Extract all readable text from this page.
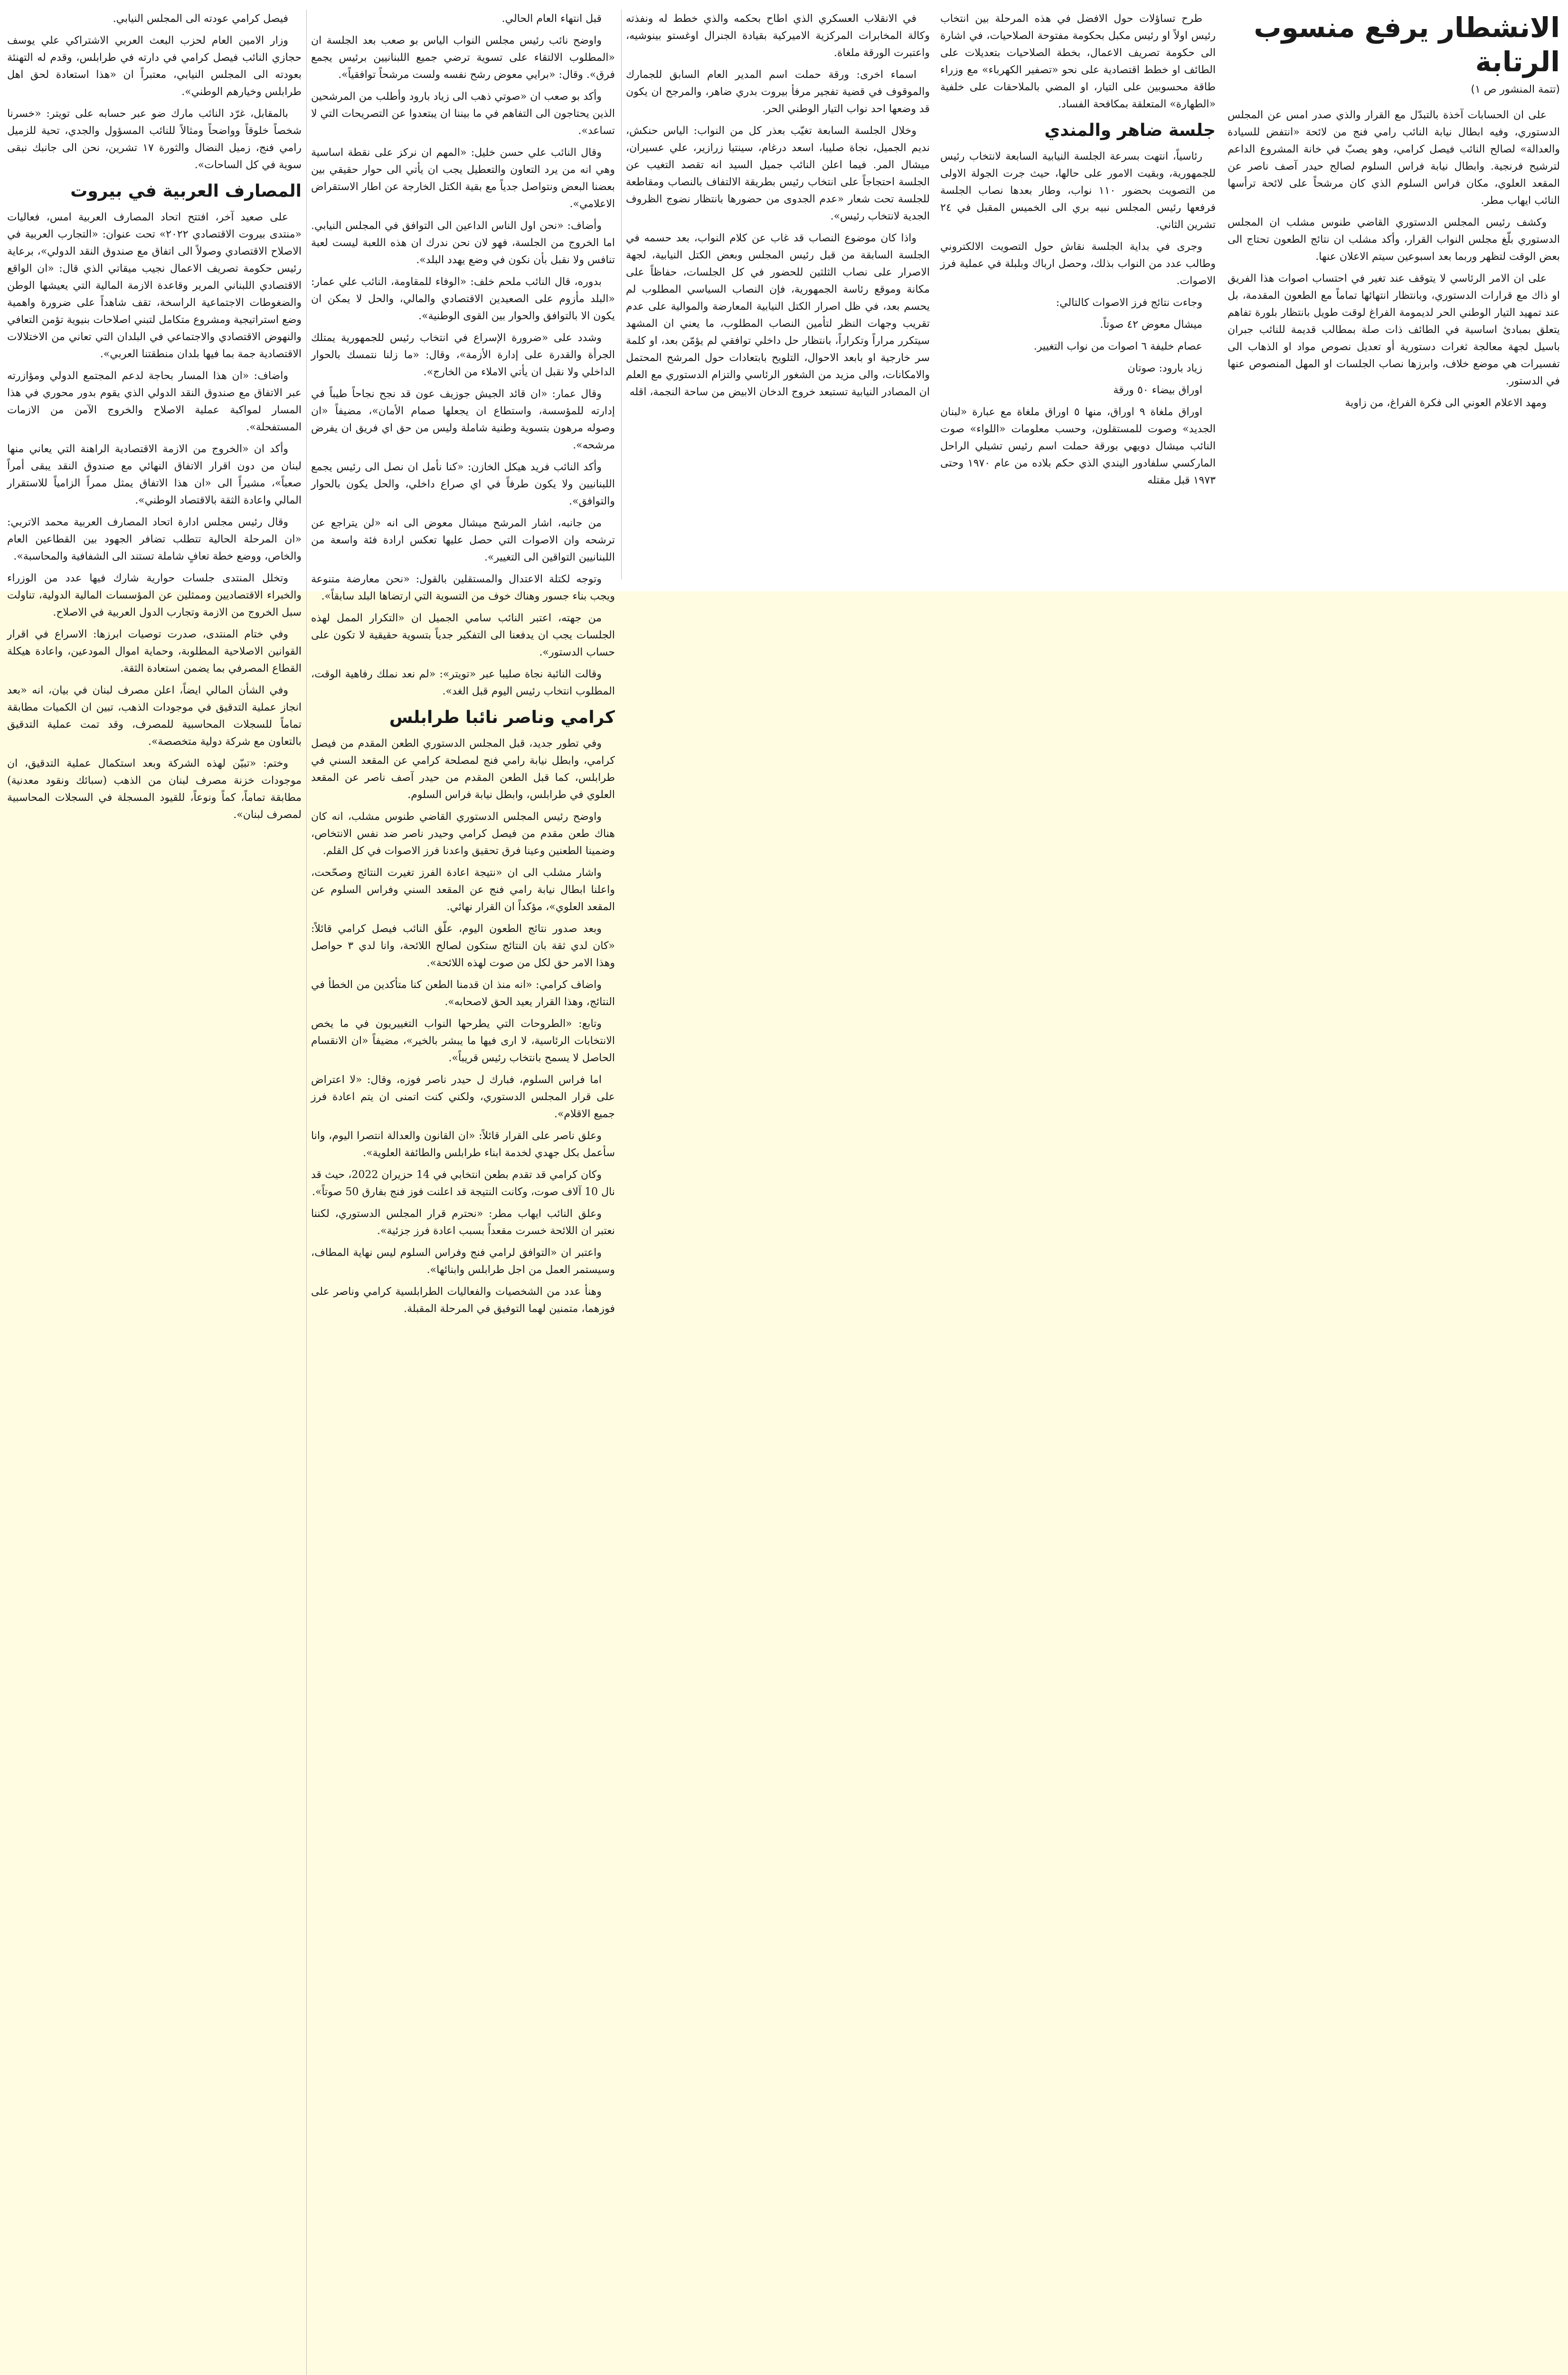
الانشطار يرفع منسوب الرتابة
(تتمة المنشور ص ١)

على ان الحسابات آخذة بالتبدّل مع القرار والذي صدر امس عن المجلس الدستوري، وفيه ابطال نيابة النائب رامي فنج من لائحة «انتفض للسيادة والعدالة» لصالح النائب فيصل كرامي، وهو يصبّ في خانة المشروع الداعم لترشيح فرنجية. وابطال نيابة فراس السلوم لصالح حيدر آصف ناصر عن المقعد العلوي، مكان فراس السلوم الذي كان مرشحاً على لائحة ترأسها النائب ايهاب مطر.

وكشف رئيس المجلس الدستوري القاضي طنوس مشلب ان المجلس الدستوري بلّغ مجلس النواب القرار، وأكد مشلب ان نتائج الطعون تحتاج الى بعض الوقت لتظهر وربما بعد اسبوعين سيتم الاعلان عنها.

على ان الامر الرئاسي لا يتوقف عند تغير في احتساب اصوات هذا الفريق او ذاك مع قرارات الدستوري، وبانتظار انتهائها تماماً مع الطعون المقدمة، بل عند تمهيد التيار الوطني الحر لديمومة الفراغ لوقت طويل بانتظار بلورة تفاهم يتعلق بمبادئ اساسية في الطائف ذات صلة بمطالب قديمة للنائب جبران باسيل لجهة معالجة ثغرات دستورية أو تعديل نصوص مواد او الذهاب الى تفسيرات هي موضع خلاف، وابرزها نصاب الجلسات او المهل المنصوص عنها في الدستور.

ومهد الاعلام العوني الى فكرة الفراغ، من زاوية

طرح تساؤلات حول الافضل في هذه المرحلة بين انتخاب رئيس اولاً او رئيس مكبل بحكومة مفتوحة الصلاحيات، في اشارة الى حكومة تصريف الاعمال، بخطة الصلاحيات بتعديلات على الطائف او خطط اقتصادية على نحو «تصفير الكهرباء» مع وزراء طاقة محسوبين على التيار، او المضي بالملاحقات على خلفية «الطهارة» المتعلقة بمكافحة الفساد.

جلسة ضاهر والمندي

رئاسياً، انتهت بسرعة الجلسة النيابية السابعة لانتخاب رئيس للجمهورية، وبقيت الامور على حالها، حيث جرت الجولة الاولى من التصويت بحضور ١١٠ نواب، وطار بعدها نصاب الجلسة فرفعها رئيس المجلس نبيه بري الى الخميس المقبل في ٢٤ تشرين الثاني.

وجرى في بداية الجلسة نقاش حول التصويت الالكتروني وطالب عدد من النواب بذلك، وحصل ارباك وبلبلة في عملية فرز الاصوات.

وجاءت نتائج فرز الاصوات كالتالي:

ميشال معوض ٤٢ صوتاً.

عصام خليفة ٦ اصوات من نواب التغيير.

زياد بارود: صوتان

اوراق بيضاء ٥٠ ورقة

اوراق ملغاة ٩ اوراق، منها ٥ اوراق ملغاة مع عبارة «لبنان الجديد» وصوت للمستقلون، وحسب معلومات «اللواء» صوت النائب ميشال دويهي بورقة حملت اسم رئيس تشيلي الراحل الماركسي سلفادور اليندي الذي حكم بلاده من عام ١٩٧٠ وحتى ١٩٧٣ قبل مقتله

في الانقلاب العسكري الذي اطاح بحكمه والذي خطط له ونفذته وكالة المخابرات المركزية الاميركية بقيادة الجنرال اوغستو بينوشيه، واعتبرت الورقة ملغاة.

اسماء اخرى: ورقة حملت اسم المدير العام السابق للجمارك والموقوف في قضية تفجير مرفأ بيروت بدري ضاهر، والمرجح ان يكون قد وضعها احد نواب التيار الوطني الحر.

وخلال الجلسة السابعة تغيّب بعذر كل من النواب: الياس حنكش، نديم الجميل، نجاة صليبا، اسعد درغام، سينتيا زرازير، علي عسيران، ميشال المر. فيما اعلن النائب جميل السيد انه تقصد التغيب عن الجلسة احتجاجاً على انتخاب رئيس بطريقة الالتفاف بالنصاب ومقاطعة للجلسة تحت شعار «عدم الجدوى من حضورها بانتظار نضوج الظروف الجدية لانتخاب رئيس».

واذا كان موضوع النصاب قد غاب عن كلام النواب، بعد حسمه في الجلسة السابقة من قبل رئيس المجلس وبعض الكتل النيابية، لجهة الاصرار على نصاب الثلثين للحضور في كل الجلسات، حفاظاً على مكانة وموقع رئاسة الجمهورية، فإن النصاب السياسي المطلوب لم يحسم بعد، في ظل اصرار الكتل النيابية المعارضة والموالية على عدم تقريب وجهات النظر لتأمين النصاب المطلوب، ما يعني ان المشهد سيتكرر مراراً وتكراراً، بانتظار حل داخلي توافقي لم يؤمّن بعد، او كلمة سر خارجية او بابعد الاحوال، التلويح بابتعادات حول المرشح المحتمل والامكانات، والى مزيد من الشغور الرئاسي والتزام الدستوري مع العلم ان المصادر النيابية تستبعد خروج الدخان الابيض من ساحة النجمة، اقله

قبل انتهاء العام الحالي.

واوضح نائب رئيس مجلس النواب الياس بو صعب بعد الجلسة ان «المطلوب الالتقاء على تسوية ترضي جميع اللبنانيين برئيس يجمع فرق». وقال: «برايي معوض رشح نفسه ولست مرشحاً توافقياً».

وأكد بو صعب ان «صوتي ذهب الى زياد بارود وأطلب من المرشحين الذين يحتاجون الى التفاهم في ما بيننا ان يبتعدوا عن التصريحات التي لا تساعد».

وقال النائب علي حسن خليل: «المهم ان نركز على نقطة اساسية وهي انه من يرد التعاون والتعطيل يجب ان يأتي الى حوار حقيقي بين بعضنا البعض ونتواصل جدياً مع بقية الكتل الخارجة عن اطار الاستقراض الاعلامي».

وأضاف: «نحن اول الناس الداعين الى التوافق في المجلس النيابي. اما الخروج من الجلسة، فهو لان نحن ندرك ان هذه اللعبة ليست لعبة تنافس ولا نقبل بأن نكون في وضع يهدد البلد».

بدوره، قال النائب ملحم خلف: «الوفاء للمقاومة، النائب علي عمار: «البلد مأزوم على الصعيدين الاقتصادي والمالي، والحل لا يمكن ان يكون الا بالتوافق والحوار بين القوى الوطنية».

وشدد على «ضرورة الإسراع في انتخاب رئيس للجمهورية يمتلك الجرأة والقدرة على إدارة الأزمة»، وقال: «ما زلنا نتمسك بالحوار الداخلي ولا نقبل ان يأتي الاملاء من الخارج».

وقال عمار: «ان قائد الجيش جوزيف عون قد نجح نجاحاً طيباً في إدارته للمؤسسة، واستطاع ان يجعلها صمام الأمان»، مضيفاً «ان وصوله مرهون بتسوية وطنية شاملة وليس من حق اي فريق ان يفرض مرشحه».

وأكد النائب فريد هيكل الخازن: «كنا نأمل ان نصل الى رئيس يجمع اللبنانيين ولا يكون طرفاً في اي صراع داخلي، والحل يكون بالحوار والتوافق».

من جانبه، اشار المرشح ميشال معوض الى انه «لن يتراجع عن ترشحه وان الاصوات التي حصل عليها تعكس ارادة فئة واسعة من اللبنانيين التواقين الى التغيير».

وتوجه لكتلة الاعتدال والمستقلين بالقول: «نحن معارضة متنوعة ويجب بناء جسور وهناك خوف من التسوية التي ارتضاها البلد سابقاً».

من جهته، اعتبر النائب سامي الجميل ان «التكرار الممل لهذه الجلسات يجب ان يدفعنا الى التفكير جدياً بتسوية حقيقية لا تكون على حساب الدستور».

وقالت النائبة نجاة صليبا عبر «تويتر»: «لم نعد نملك رفاهية الوقت، المطلوب انتخاب رئيس اليوم قبل الغد».

كرامي وناصر نائبا طرابلس

وفي تطور جديد، قبل المجلس الدستوري الطعن المقدم من فيصل كرامي، وابطل نيابة رامي فنج لمصلحة كرامي عن المقعد السني في طرابلس، كما قبل الطعن المقدم من حيدر آصف ناصر عن المقعد العلوي في طرابلس، وابطل نيابة فراس السلوم.

واوضح رئيس المجلس الدستوري القاضي طنوس مشلب، انه كان هناك طعن مقدم من فيصل كرامي وحيدر ناصر ضد نفس الانتخاص، وضمينا الطعنين وعينا فرق تحقيق واعدنا فرز الاصوات في كل القلم.

واشار مشلب الى ان «نتيجة اعادة الفرز تغيرت النتائج وصحّحت، واعلنا ابطال نيابة رامي فنج عن المقعد السني وفراس السلوم عن المقعد العلوي»، مؤكداً ان القرار نهائي.

وبعد صدور نتائج الطعون اليوم، علّق النائب فيصل كرامي قائلاً: «كان لدي ثقة بان النتائج ستكون لصالح اللائحة، وانا لدي ٣ حواصل وهذا الامر حق لكل من صوت لهذه اللائحة».

واضاف كرامي: «انه منذ ان قدمنا الطعن كنا متأكدين من الخطأ في النتائج، وهذا القرار يعيد الحق لاصحابه».

وتابع: «الطروحات التي يطرحها النواب التغييريون في ما يخص الانتخابات الرئاسية، لا ارى فيها ما يبشر بالخير»، مضيفاً «ان الانقسام الحاصل لا يسمح بانتخاب رئيس قريباً».

اما فراس السلوم، فبارك ل حيدر ناصر فوزه، وقال: «لا اعتراض على قرار المجلس الدستوري، ولكني كنت اتمنى ان يتم اعادة فرز جميع الاقلام».

وعلق ناصر على القرار قائلاً: «ان القانون والعدالة انتصرا اليوم، وانا سأعمل بكل جهدي لخدمة ابناء طرابلس والطائفة العلوية».

وكان كرامي قد تقدم بطعن انتخابي في 14 حزيران 2022، حيث قد نال 10 آلاف صوت، وكانت النتيجة قد اعلنت فوز فنج بفارق 50 صوتاً».

وعلق النائب ايهاب مطر: «نحترم قرار المجلس الدستوري، لكننا نعتبر ان اللائحة خسرت مقعداً بسبب اعادة فرز جزئية».

واعتبر ان «التوافق لرامي فنج وفراس السلوم ليس نهاية المطاف، وسيستمر العمل من اجل طرابلس وابنائها».

وهنأ عدد من الشخصيات والفعاليات الطرابلسية كرامي وناصر على فوزهما، متمنين لهما التوفيق في المرحلة المقبلة.

فيصل كرامي عودته الى المجلس النيابي.

وزار الامين العام لحزب البعث العربي الاشتراكي علي يوسف حجازي النائب فيصل كرامي في دارته في طرابلس، وقدم له التهنئة بعودته الى المجلس النيابي، معتبراً ان «هذا استعادة لحق اهل طرابلس وخيارهم الوطني».

بالمقابل، غرّد النائب مارك ضو عبر حسابه على تويتر: «خسرنا شخصاً خلوقاً وواضحاً ومثالاً للنائب المسؤول والجدي، تحية للزميل رامي فنج، زميل النضال والثورة ١٧ تشرين، نحن الى جانبك نبقى سوية في كل الساحات».

المصارف العربية في بيروت

على صعيد آخر، افتتح اتحاد المصارف العربية امس، فعاليات «منتدى بيروت الاقتصادي ٢٠٢٢» تحت عنوان: «التجارب العربية في الاصلاح الاقتصادي وصولاً الى اتفاق مع صندوق النقد الدولي»، برعاية رئيس حكومة تصريف الاعمال نجيب ميقاتي الذي قال: «ان الواقع الاقتصادي اللبناني المرير وقاعدة الازمة المالية التي يعيشها الوطن والضغوطات الاجتماعية الراسخة، تقف شاهداً على ضرورة واهمية وضع استراتيجية ومشروع متكامل لتبني اصلاحات بنيوية تؤمن التعافي والنهوض الاقتصادي والاجتماعي في البلدان التي تعاني من الاختلالات الاقتصادية جمة بما فيها بلدان منطقتنا العربي».

واضاف: «ان هذا المسار بحاجة لدعم المجتمع الدولي ومؤازرته عبر الاتفاق مع صندوق النقد الدولي الذي يقوم بدور محوري في هذا المسار لمواكبة عملية الاصلاح والخروج الآمن من الازمات المستفحلة».

وأكد ان «الخروج من الازمة الاقتصادية الراهنة التي يعاني منها لبنان من دون اقرار الاتفاق النهائي مع صندوق النقد يبقى أمراً صعباً»، مشيراً الى «ان هذا الاتفاق يمثل ممراً الزامياً للاستقرار المالي واعادة الثقة بالاقتصاد الوطني».

وقال رئيس مجلس ادارة اتحاد المصارف العربية محمد الاتربي: «ان المرحلة الحالية تتطلب تضافر الجهود بين القطاعين العام والخاص، ووضع خطة تعافٍ شاملة تستند الى الشفافية والمحاسبة».

وتخلل المنتدى جلسات حوارية شارك فيها عدد من الوزراء والخبراء الاقتصاديين وممثلين عن المؤسسات المالية الدولية، تناولت سبل الخروج من الازمة وتجارب الدول العربية في الاصلاح.

وفي ختام المنتدى، صدرت توصيات ابرزها: الاسراع في اقرار القوانين الاصلاحية المطلوبة، وحماية اموال المودعين، واعادة هيكلة القطاع المصرفي بما يضمن استعادة الثقة.

وفي الشأن المالي ايضاً، اعلن مصرف لبنان في بيان، انه «بعد انجاز عملية التدقيق في موجودات الذهب، تبين ان الكميات مطابقة تماماً للسجلات المحاسبية للمصرف، وقد تمت عملية التدقيق بالتعاون مع شركة دولية متخصصة».

وختم: «تبيّن لهذه الشركة وبعد استكمال عملية التدقيق، ان موجودات خزنة مصرف لبنان من الذهب (سبائك ونقود معدنية) مطابقة تماماً، كماً ونوعاً، للقيود المسجلة في السجلات المحاسبية لمصرف لبنان».
